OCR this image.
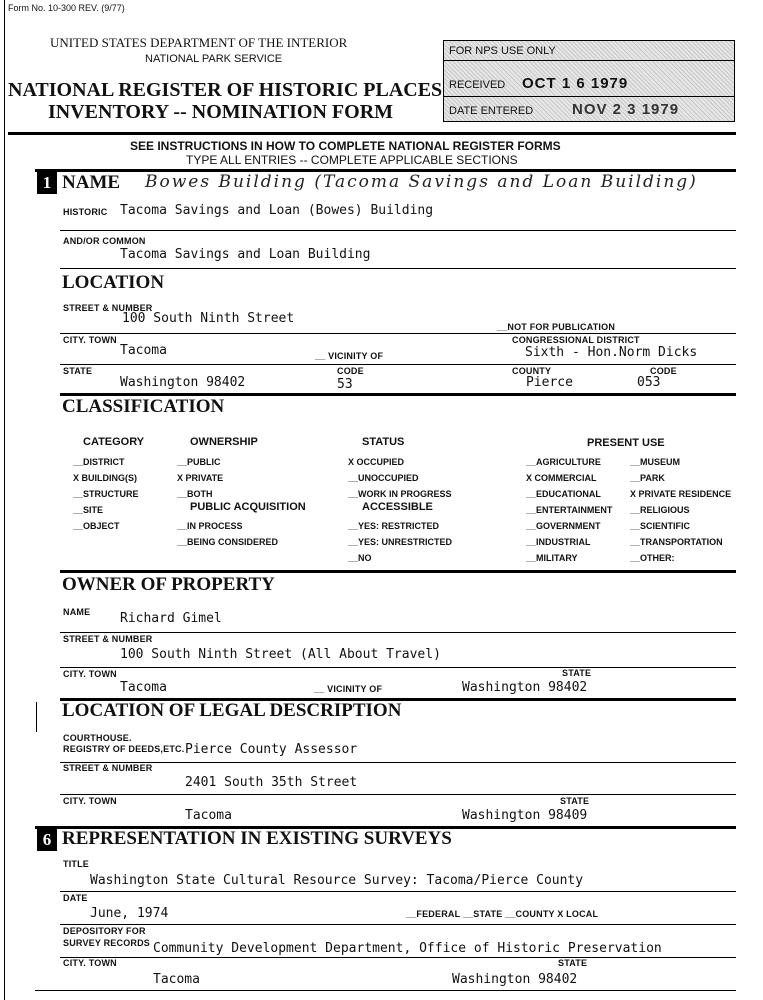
Form No. 10-300 REV. (9/77)
UNITED STATES DEPARTMENT OF THE INTERIOR
NATIONAL PARK SERVICE
NATIONAL REGISTER OF HISTORIC PLACES
INVENTORY -- NOMINATION FORM
FOR NPS USE ONLY
RECEIVED OCT 1 6 1979
DATE ENTERED	NOV 2 3 1979
SEE INSTRUCTIONS IN HOW TO COMPLETE NATIONAL REGISTER FORMS
TYPE ALL ENTRIES -- COMPLETE APPLICABLE SECTIONS
1 NAME Bowes Building (Tacoma Savings and Loan Building)
HISTORIC Tacoma Savings and Loan (Bowes) Building
AND/OR COMMON
Tacoma Savings and Loan Building
LOCATION
STREET & NUMBER
100 South Ninth Street
__NOT FOR PUBLICATION
CITY. TOWN	CONGRESSIONAL DISTRICT
Tacoma	__ VICINITY OF	Sixth - Hon.Norm Dicks
STATE	CODE	COUNTY	CODE
Washington 98402	53	Pierce	053
CLASSIFICATION
CATEGORY
__DISTRICT
X BUILDING(S)
__STRUCTURE
__SITE
__OBJECT
OWNERSHIP
__PUBLIC
X PRIVATE
__BOTH
PUBLIC ACQUISITION
__IN PROCESS
__BEING CONSIDERED
STATUS
X OCCUPIED
__UNOCCUPIED
__WORK IN PROGRESS
ACCESSIBLE
__YES: RESTRICTED
__YES: UNRESTRICTED
__NO
PRESENT USE
__AGRICULTURE
X COMMERCIAL
__EDUCATIONAL
__ENTERTAINMENT
__GOVERNMENT
__INDUSTRIAL
__MILITARY
__MUSEUM
__PARK
X PRIVATE RESIDENCE
__RELIGIOUS
__SCIENTIFIC
__TRANSPORTATION
__OTHER:
OWNER OF PROPERTY
NAME Richard Gimel
STREET & NUMBER
100 South Ninth Street (All About Travel)
CITY. TOWN	STATE
Tacoma	__ VICINITY OF	Washington 98402
LOCATION OF LEGAL DESCRIPTION
COURTHOUSE.
REGISTRY OF DEEDS,ETC. Pierce County Assessor
STREET & NUMBER
2401 South 35th Street
CITY. TOWN	STATE
Tacoma	Washington 98409
6 REPRESENTATION IN EXISTING SURVEYS
TITLE
Washington State Cultural Resource Survey: Tacoma/Pierce County
DATE
June, 1974	__FEDERAL __STATE __COUNTY X LOCAL
DEPOSITORY FOR
SURVEY RECORDS Community Development Department, Office of Historic Preservation
CITY. TOWN	STATE
Tacoma	Washington 98402
